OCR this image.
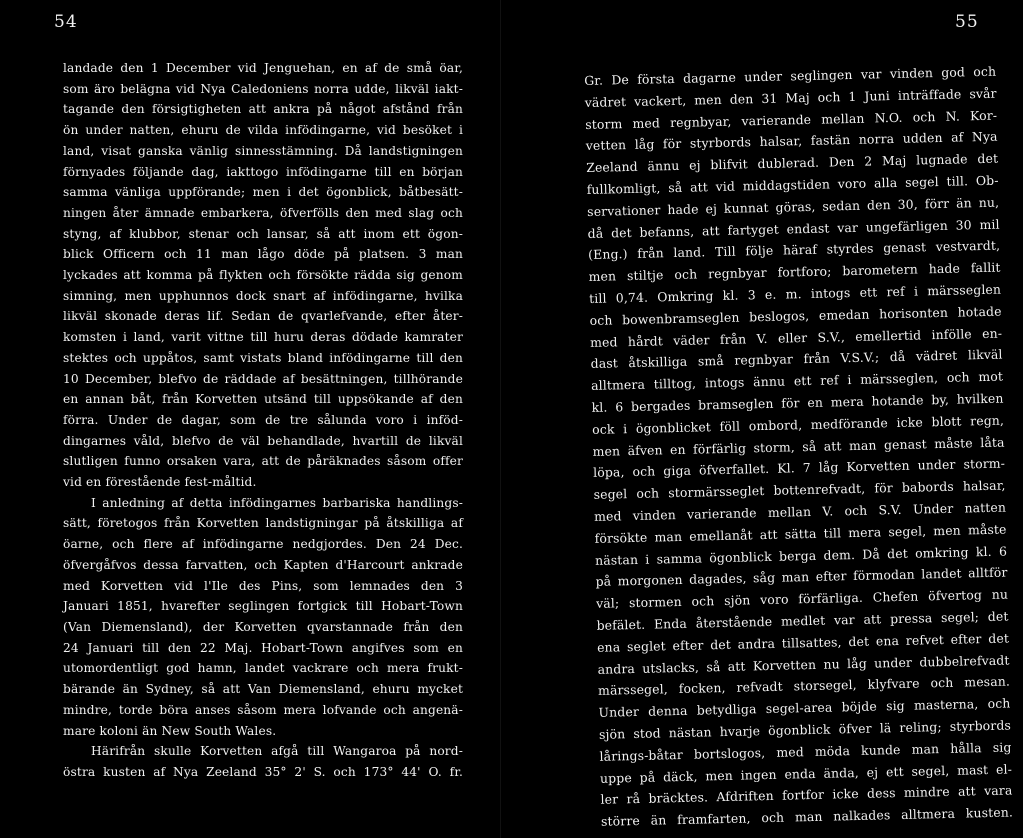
54
landade den 1 December vid Jenguehan, en af de små öar,
som äro belägna vid Nya Caledoniens norra udde, likväl iakt-
tagande den försigtigheten att ankra på något afstånd från
ön under natten, ehuru de vilda infödingarne, vid besöket i
land, visat ganska vänlig sinnesstämning. Då landstigningen
förnyades följande dag, iakttogo infödingarne till en början
samma vänliga uppförande; men i det ögonblick, båtbesätt-
ningen åter ämnade embarkera, öfverfölls den med slag och
styng, af klubbor, stenar och lansar, så att inom ett ögon-
blick Officern och 11 man lågo döde på platsen. 3 man
lyckades att komma på flykten och försökte rädda sig genom
simning, men upphunnos dock snart af infödingarne, hvilka
likväl skonade deras lif. Sedan de qvarlefvande, efter åter-
komsten i land, varit vittne till huru deras dödade kamrater
stektes och uppåtos, samt vistats bland infödingarne till den
10 December, blefvo de räddade af besättningen, tillhörande
en annan båt, från Korvetten utsänd till uppsökande af den
förra. Under de dagar, som de tre sålunda voro i inföd-
dingarnes våld, blefvo de väl behandlade, hvartill de likväl
slutligen funno orsaken vara, att de påräknades såsom offer
vid en förestående fest-måltid.
I anledning af detta infödingarnes barbariska handlings-
sätt, företogos från Korvetten landstigningar på åtskilliga af
öarne, och flere af infödingarne nedgjordes. Den 24 Dec.
öfvergåfvos dessa farvatten, och Kapten d'Harcourt ankrade
med Korvetten vid l'Ile des Pins, som lemnades den 3
Januari 1851, hvarefter seglingen fortgick till Hobart-Town
(Van Diemensland), der Korvetten qvarstannade från den
24 Januari till den 22 Maj. Hobart-Town angifves som en
utomordentligt god hamn, landet vackrare och mera frukt-
bärande än Sydney, så att Van Diemensland, ehuru mycket
mindre, torde böra anses såsom mera lofvande och angenä-
mare koloni än New South Wales.
Härifrån skulle Korvetten afgå till Wangaroa på nord-
östra kusten af Nya Zeeland 35° 2' S. och 173° 44' O. fr.
55
Gr. De första dagarne under seglingen var vinden god och
vädret vackert, men den 31 Maj och 1 Juni inträffade svår
storm med regnbyar, varierande mellan N.O. och N. Kor-
vetten låg för styrbords halsar, fastän norra udden af Nya
Zeeland ännu ej blifvit dublerad. Den 2 Maj lugnade det
fullkomligt, så att vid middagstiden voro alla segel till. Ob-
servationer hade ej kunnat göras, sedan den 30, förr än nu,
då det befanns, att fartyget endast var ungefärligen 30 mil
(Eng.) från land. Till följe häraf styrdes genast vestvardt,
men stiltje och regnbyar fortforo; barometern hade fallit
till 0,74. Omkring kl. 3 e. m. intogs ett ref i märsseglen
och bowenbramseglen beslogos, emedan horisonten hotade
med hårdt väder från V. eller S.V., emellertid infölle en-
dast åtskilliga små regnbyar från V.S.V.; då vädret likväl
alltmera tilltog, intogs ännu ett ref i märsseglen, och mot
kl. 6 bergades bramseglen för en mera hotande by, hvilken
ock i ögonblicket föll ombord, medförande icke blott regn,
men äfven en förfärlig storm, så att man genast måste låta
löpa, och giga öfverfallet. Kl. 7 låg Korvetten under storm-
segel och stormärsseglet bottenrefvadt, för babords halsar,
med vinden varierande mellan V. och S.V. Under natten
försökte man emellanåt att sätta till mera segel, men måste
nästan i samma ögonblick berga dem. Då det omkring kl. 6
på morgonen dagades, såg man efter förmodan landet alltför
väl; stormen och sjön voro förfärliga. Chefen öfvertog nu
befälet. Enda återstående medlet var att pressa segel; det
ena seglet efter det andra tillsattes, det ena refvet efter det
andra utslacks, så att Korvetten nu låg under dubbelrefvadt
märssegel, focken, refvadt storsegel, klyfvare och mesan.
Under denna betydliga segel-area böjde sig masterna, och
sjön stod nästan hvarje ögonblick öfver lä reling; styrbords
lårings-båtar bortslogos, med möda kunde man hålla sig
uppe på däck, men ingen enda ända, ej ett segel, mast el-
ler rå bräcktes. Afdriften fortfor icke dess mindre att vara
större än framfarten, och man nalkades alltmera kusten.
